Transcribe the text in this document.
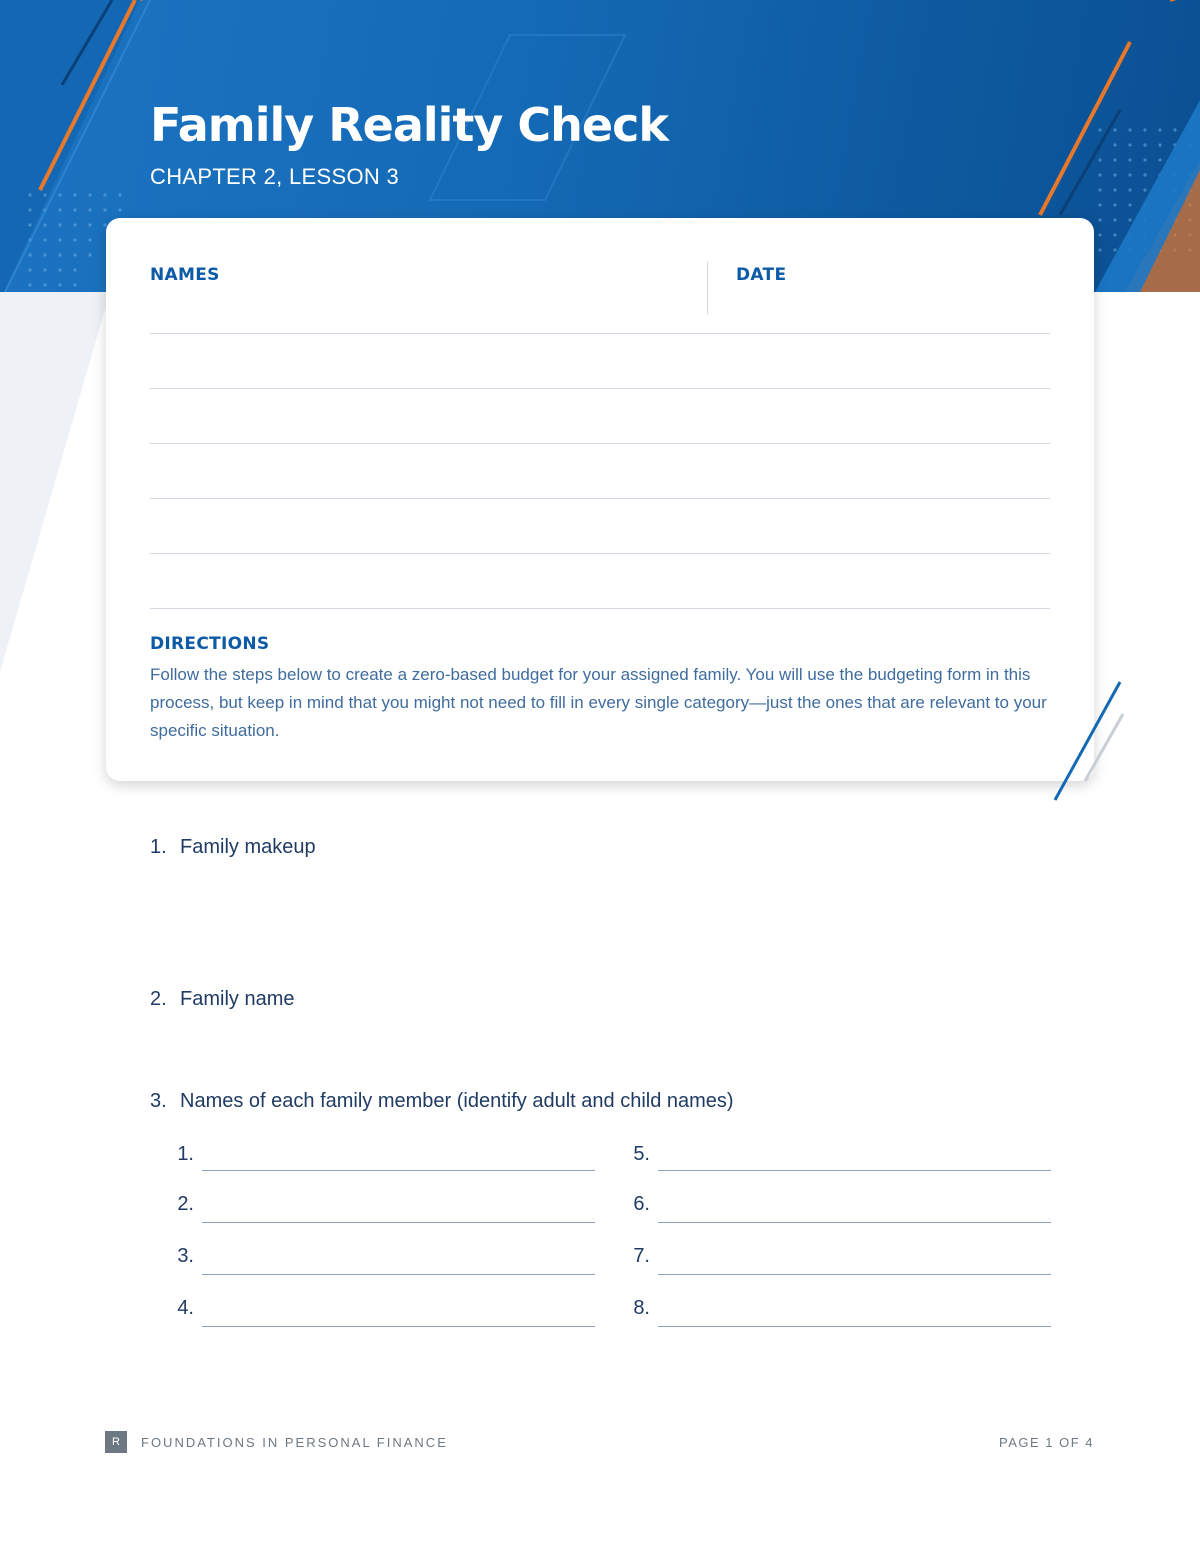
Family Reality Check

CHAPTER 2, LESSON 3

NAMES	DATE

DIRECTIONS

Follow the steps below to create a zero-based budget for your assigned family. You will use the budgeting form in this process, but keep in mind that you might not need to fill in every single category—just the ones that are relevant to your specific situation.

1. Family makeup

2. Family name

3. Names of each family member (identify adult and child names)

1.
2.
3.
4.
5.
6.
7.
8.
R	FOUNDATIONS IN PERSONAL FINANCE	PAGE 1 OF 4
